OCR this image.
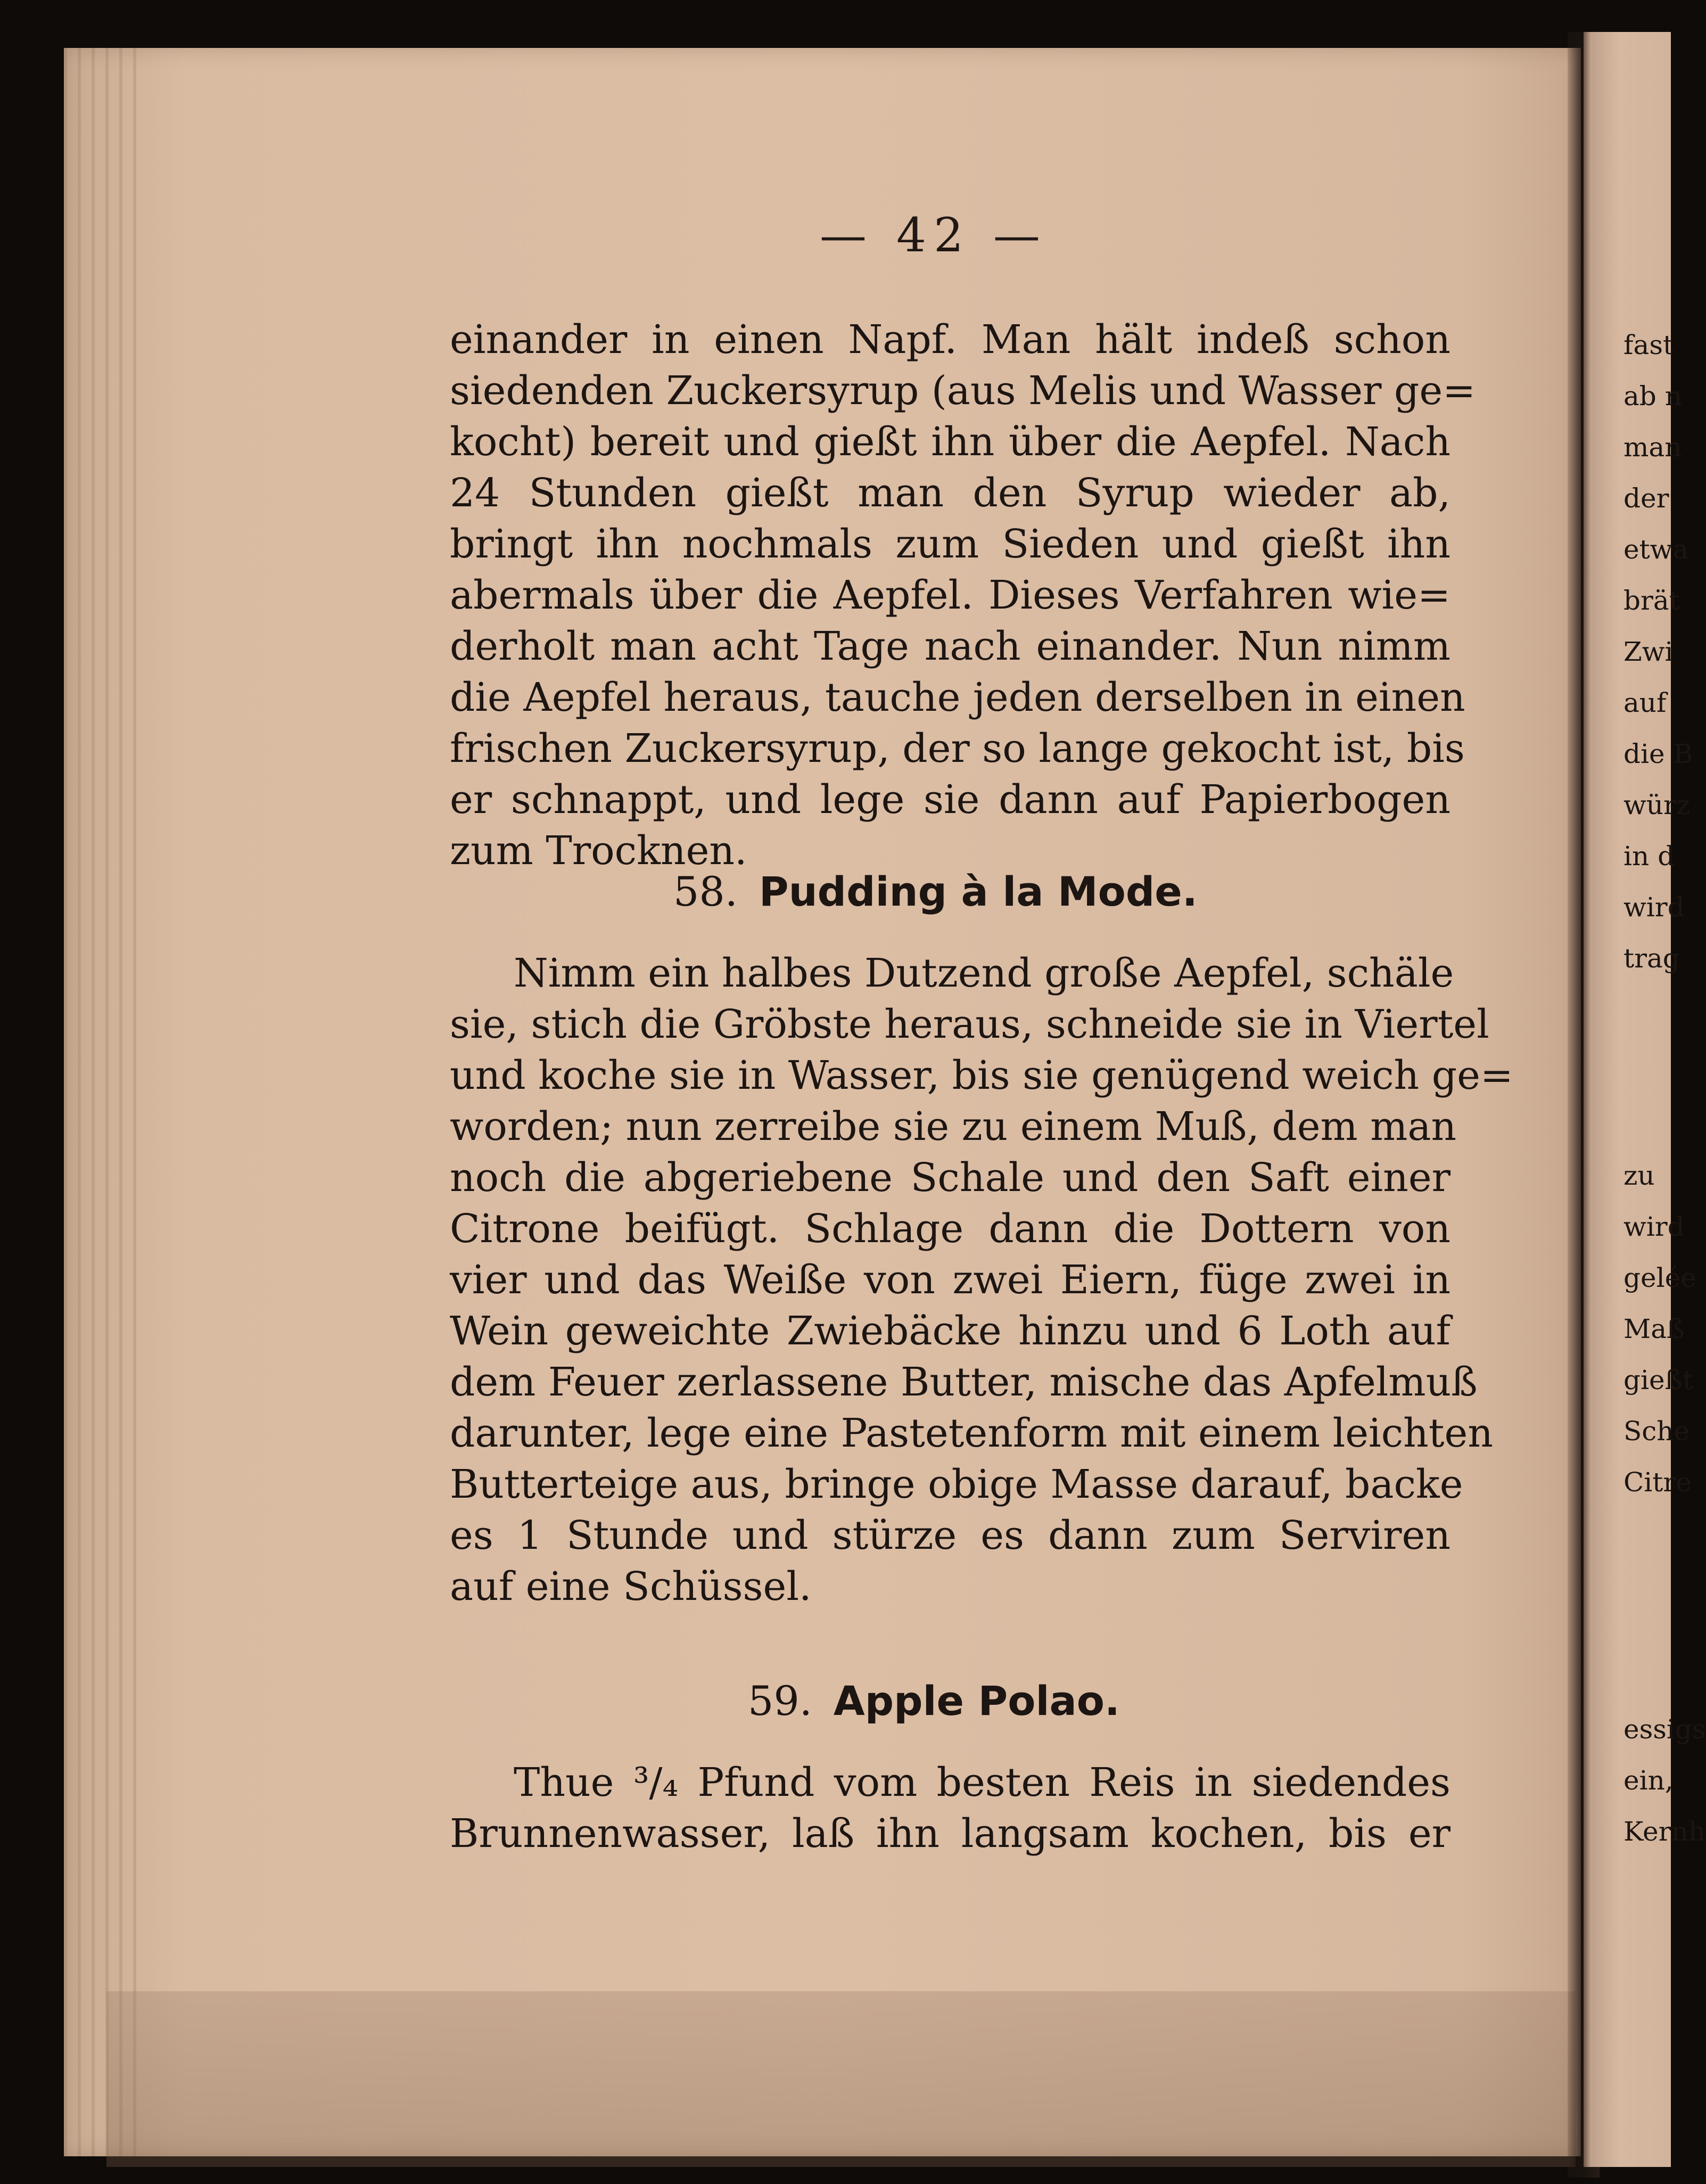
— 42 —
einander in einen Napf. Man hält indeß schon
siedenden Zuckersyrup (aus Melis und Wasser ge=
kocht) bereit und gießt ihn über die Aepfel. Nach
24 Stunden gießt man den Syrup wieder ab,
bringt ihn nochmals zum Sieden und gießt ihn
abermals über die Aepfel. Dieses Verfahren wie=
derholt man acht Tage nach einander. Nun nimm
die Aepfel heraus, tauche jeden derselben in einen
frischen Zuckersyrup, der so lange gekocht ist, bis
er schnappt, und lege sie dann auf Papierbogen
zum Trocknen.
58. Pudding à la Mode.
Nimm ein halbes Dutzend große Aepfel, schäle
sie, stich die Gröbste heraus, schneide sie in Viertel
und koche sie in Wasser, bis sie genügend weich ge=
worden; nun zerreibe sie zu einem Muß, dem man
noch die abgeriebene Schale und den Saft einer
Citrone beifügt. Schlage dann die Dottern von
vier und das Weiße von zwei Eiern, füge zwei in
Wein geweichte Zwiebäcke hinzu und 6 Loth auf
dem Feuer zerlassene Butter, mische das Apfelmuß
darunter, lege eine Pastetenform mit einem leichten
Butterteige aus, bringe obige Masse darauf, backe
es 1 Stunde und stürze es dann zum Serviren
auf eine Schüssel.
59. Apple Polao.
Thue ³/₄ Pfund vom besten Reis in siedendes
Brunnenwasser, laß ihn langsam kochen, bis er
fast
ab n
man
der
etwa
brät
Zwi
auf
die B
würz
in d
wird
trag
zu
wird
gelée
Maß
gießt
Sche
Citre
essigs
ein,
Kernh
